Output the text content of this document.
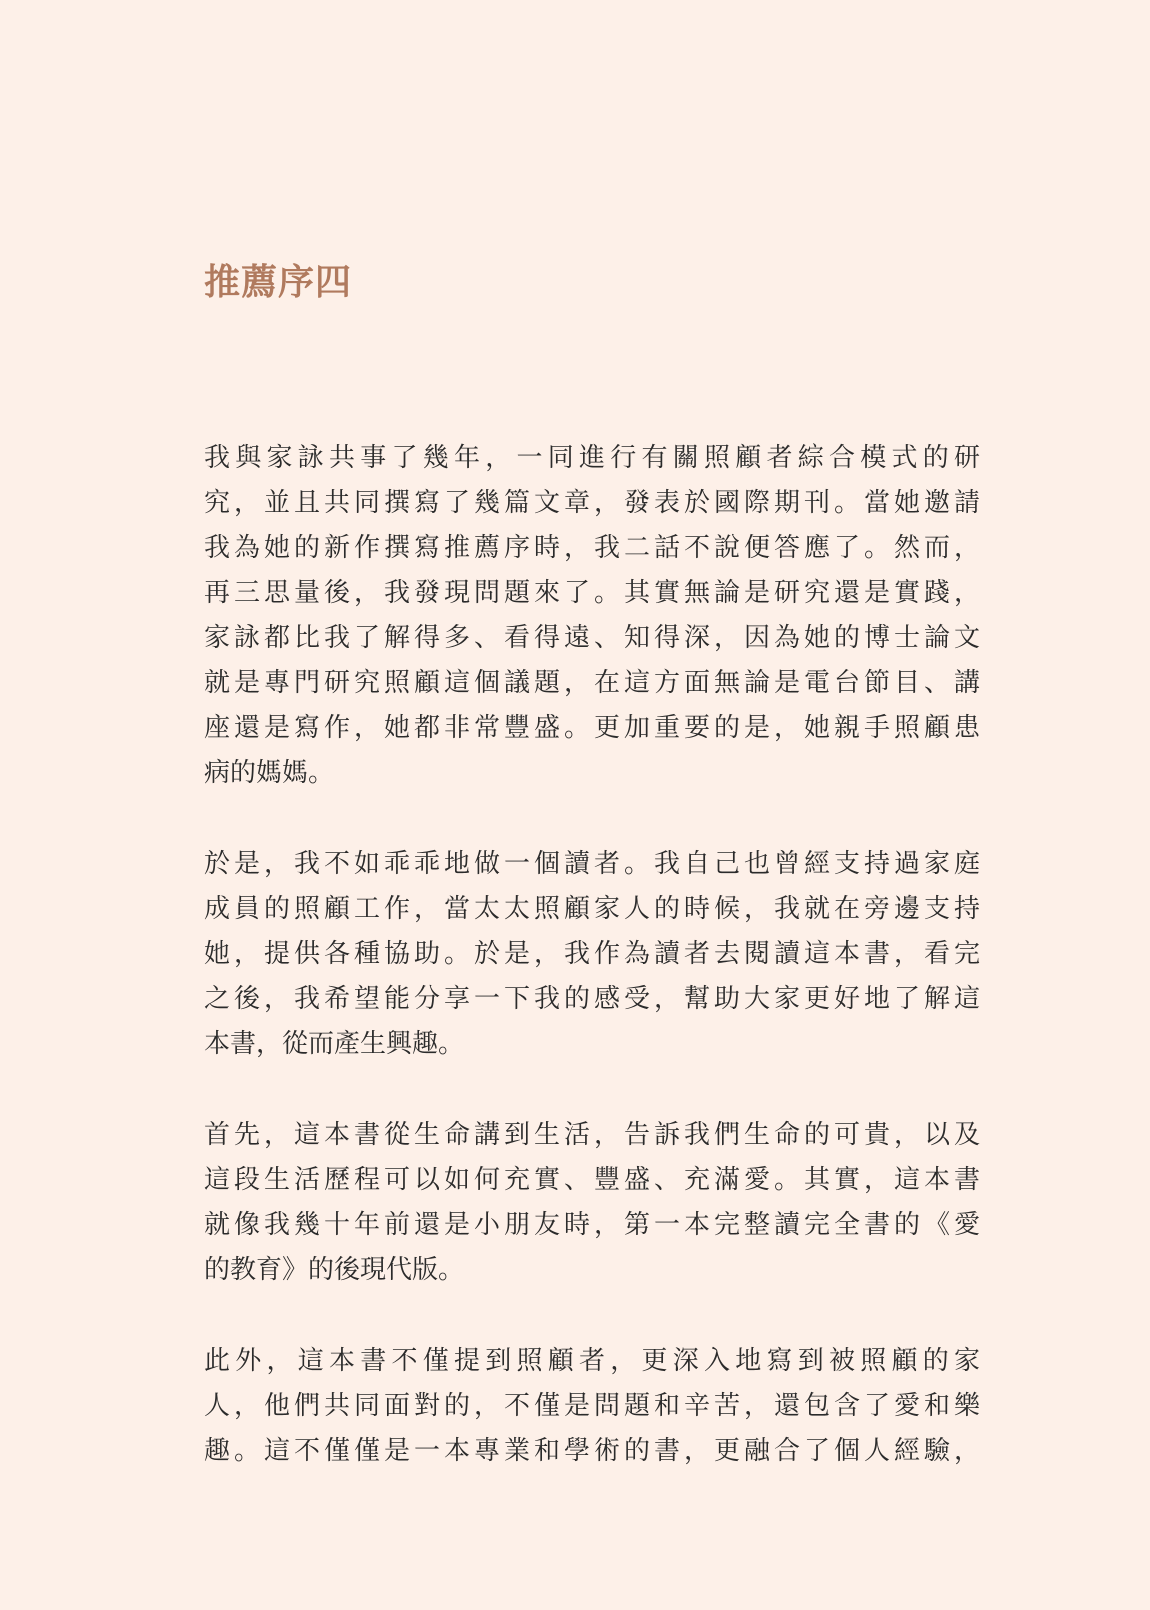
推薦序四

我與家詠共事了幾年，一同進行有關照顧者綜合模式的研
究，並且共同撰寫了幾篇文章，發表於國際期刊。當她邀請
我為她的新作撰寫推薦序時，我二話不說便答應了。然而，
再三思量後，我發現問題來了。其實無論是研究還是實踐，
家詠都比我了解得多、看得遠、知得深，因為她的博士論文
就是專門研究照顧這個議題，在這方面無論是電台節目、講
座還是寫作，她都非常豐盛。更加重要的是，她親手照顧患
病的媽媽。

於是，我不如乖乖地做一個讀者。我自己也曾經支持過家庭
成員的照顧工作，當太太照顧家人的時候，我就在旁邊支持
她，提供各種協助。於是，我作為讀者去閱讀這本書，看完
之後，我希望能分享一下我的感受，幫助大家更好地了解這
本書，從而產生興趣。

首先，這本書從生命講到生活，告訴我們生命的可貴，以及
這段生活歷程可以如何充實、豐盛、充滿愛。其實，這本書
就像我幾十年前還是小朋友時，第一本完整讀完全書的《愛
的教育》的後現代版。

此外，這本書不僅提到照顧者，更深入地寫到被照顧的家
人，他們共同面對的，不僅是問題和辛苦，還包含了愛和樂
趣。這不僅僅是一本專業和學術的書，更融合了個人經驗，
